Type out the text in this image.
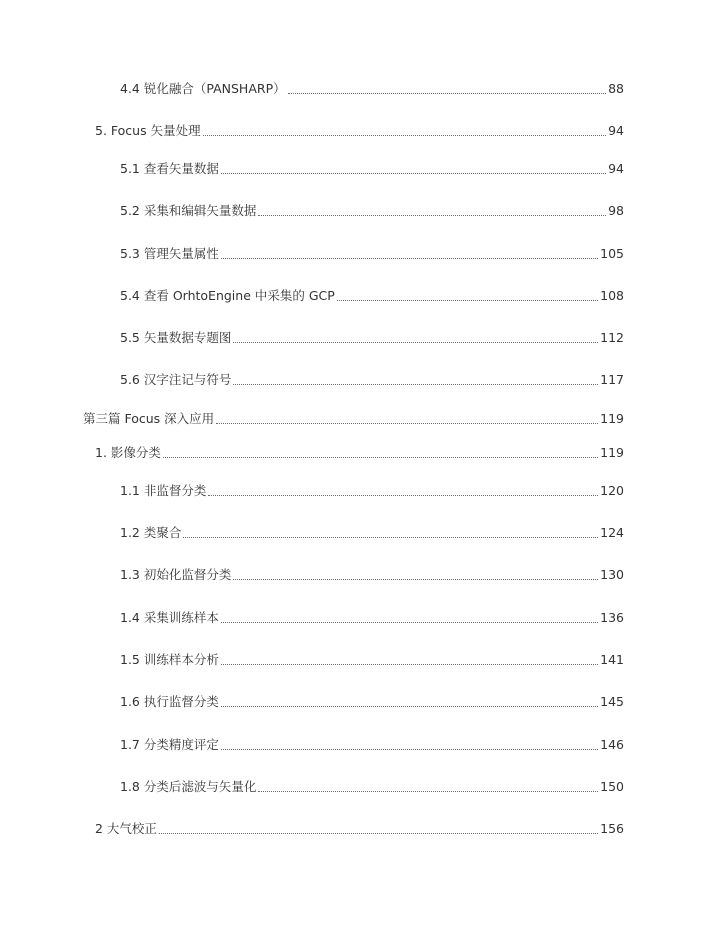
4.4 锐化融合（PANSHARP）	88
5. Focus 矢量处理	94
5.1 查看矢量数据	94
5.2 采集和编辑矢量数据	98
5.3 管理矢量属性	105
5.4 查看 OrhtoEngine 中采集的 GCP	108
5.5 矢量数据专题图	112
5.6 汉字注记与符号	117
第三篇 Focus 深入应用	119
1. 影像分类	119
1.1 非监督分类	120
1.2 类聚合	124
1.3 初始化监督分类	130
1.4 采集训练样本	136
1.5 训练样本分析	141
1.6 执行监督分类	145
1.7 分类精度评定	146
1.8 分类后滤波与矢量化	150
2 大气校正	156
